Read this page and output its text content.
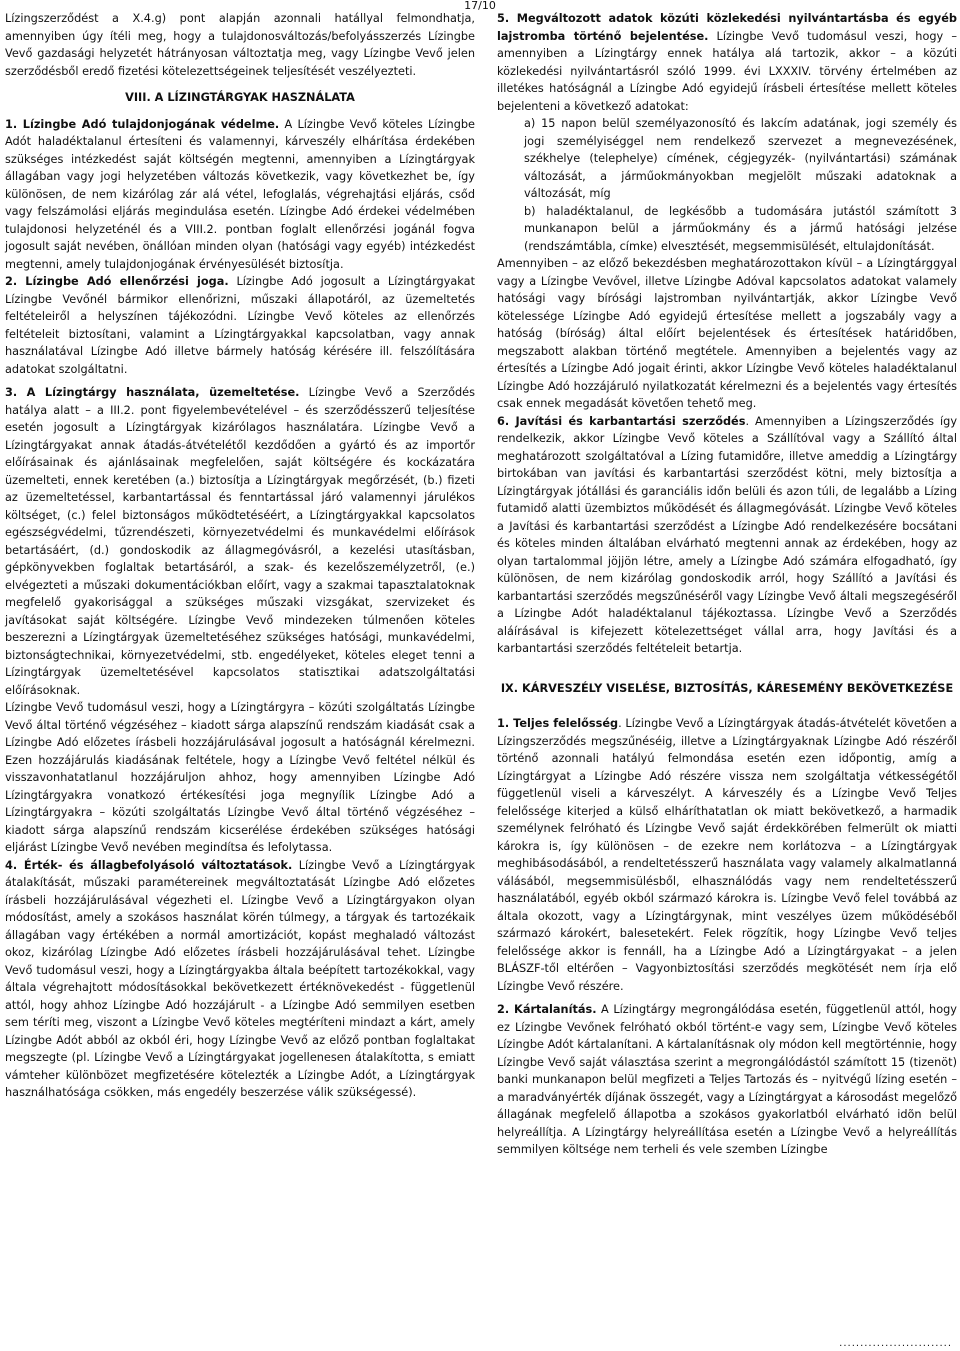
17/10

Lízingszerződést a X.4.g) pont alapján azonnali hatállyal felmondhatja, amennyiben úgy ítéli meg, hogy a tulajdonosváltozás/befolyásszerzés Lízingbe Vevő gazdasági helyzetét hátrányosan változtatja meg, vagy Lízingbe Vevő jelen szerződésből eredő fizetési kötelezettségeinek teljesítését veszélyezteti.

VIII. A LÍZINGTÁRGYAK HASZNÁLATA

1. Lízingbe Adó tulajdonjogának védelme. A Lízingbe Vevő köteles Lízingbe Adót haladéktalanul értesíteni és valamennyi, kárveszély elhárítása érdekében szükséges intézkedést saját költségén megtenni, amennyiben a Lízingtárgyak állagában vagy jogi helyzetében változás következik, vagy következhet be, így különösen, de nem kizárólag zár alá vétel, lefoglalás, végrehajtási eljárás, csőd vagy felszámolási eljárás megindulása esetén. Lízingbe Adó érdekei védelmében tulajdonosi helyzeténél és a VIII.2. pontban foglalt ellenőrzési jogánál fogva jogosult saját nevében, önállóan minden olyan (hatósági vagy egyéb) intézkedést megtenni, amely tulajdonjogának érvényesülését biztosítja.

2. Lízingbe Adó ellenőrzési joga. Lízingbe Adó jogosult a Lízingtárgyakat Lízingbe Vevőnél bármikor ellenőrizni, műszaki állapotáról, az üzemeltetés feltételeiről a helyszínen tájékozódni. Lízingbe Vevő köteles az ellenőrzés feltételeit biztosítani, valamint a Lízingtárgyakkal kapcsolatban, vagy annak használatával Lízingbe Adó illetve bármely hatóság kérésére ill. felszólítására adatokat szolgáltatni.

3. A Lízingtárgy használata, üzemeltetése. Lízingbe Vevő a Szerződés hatálya alatt – a III.2. pont figyelembevételével – és szerződésszerű teljesítése esetén jogosult a Lízingtárgyak kizárólagos használatára. Lízingbe Vevő a Lízingtárgyakat annak átadás-átvételétől kezdődően a gyártó és az importőr előírásainak és ajánlásainak megfelelően, saját költségére és kockázatára üzemelteti, ennek keretében (a.) biztosítja a Lízingtárgyak megőrzését, (b.) fizeti az üzemeltetéssel, karbantartással és fenntartással járó valamennyi járulékos költséget, (c.) felel biztonságos működtetéséért, a Lízingtárgyakkal kapcsolatos egészségvédelmi, tűzrendészeti, környezetvédelmi és munkavédelmi előírások betartásáért, (d.) gondoskodik az állagmegóvásról, a kezelési utasításban, gépkönyvekben foglaltak betartásáról, a szak- és kezelőszemélyzetről, (e.) elvégezteti a műszaki dokumentációkban előírt, vagy a szakmai tapasztalatoknak megfelelő gyakorisággal a szükséges műszaki vizsgákat, szervizeket és javításokat saját költségére. Lízingbe Vevő mindezeken túlmenően köteles beszerezni a Lízingtárgyak üzemeltetéséhez szükséges hatósági, munkavédelmi, biztonságtechnikai, környezetvédelmi, stb. engedélyeket, köteles eleget tenni a Lízingtárgyak üzemeltetésével kapcsolatos statisztikai adatszolgáltatási előírásoknak.

Lízingbe Vevő tudomásul veszi, hogy a Lízingtárgyra – közúti szolgáltatás Lízingbe Vevő által történő végzéséhez – kiadott sárga alapszínű rendszám kiadását csak a Lízingbe Adó előzetes írásbeli hozzájárulásával jogosult a hatóságnál kérelmezni. Ezen hozzájárulás kiadásának feltétele, hogy a Lízingbe Vevő feltétel nélkül és visszavonhatatlanul hozzájáruljon ahhoz, hogy amennyiben Lízingbe Adó Lízingtárgyakra vonatkozó értékesítési joga megnyílik Lízingbe Adó a Lízingtárgyakra – közúti szolgáltatás Lízingbe Vevő által történő végzéséhez – kiadott sárga alapszínű rendszám kicserélése érdekében szükséges hatósági eljárást Lízingbe Vevő nevében megindítsa és lefolytassa.

4. Érték- és állagbefolyásoló változtatások. Lízingbe Vevő a Lízingtárgyak átalakítását, műszaki paramétereinek megváltoztatását Lízingbe Adó előzetes írásbeli hozzájárulásával végezheti el. Lízingbe Vevő a Lízingtárgyakon olyan módosítást, amely a szokásos használat körén túlmegy, a tárgyak és tartozékaik állagában vagy értékében a normál amortizációt, kopást meghaladó változást okoz, kizárólag Lízingbe Adó előzetes írásbeli hozzájárulásával tehet. Lízingbe Vevő tudomásul veszi, hogy a Lízingtárgyakba általa beépített tartozékokkal, vagy általa végrehajtott módosításokkal bekövetkezett értéknövekedést - függetlenül attól, hogy ahhoz Lízingbe Adó hozzájárult - a Lízingbe Adó semmilyen esetben sem téríti meg, viszont a Lízingbe Vevő köteles megtéríteni mindazt a kárt, amely Lízingbe Adót abból az okból éri, hogy Lízingbe Vevő az előző pontban foglaltakat megszegte (pl. Lízingbe Vevő a Lízingtárgyakat jogellenesen átalakította, s emiatt vámteher különbözet megfizetésére kötelezték a Lízingbe Adót, a Lízingtárgyak használhatósága csökken, más engedély beszerzése válik szükségessé).

5. Megváltozott adatok közúti közlekedési nyilvántartásba és egyéb lajstromba történő bejelentése. Lízingbe Vevő tudomásul veszi, hogy – amennyiben a Lízingtárgy ennek hatálya alá tartozik, akkor – a közúti közlekedési nyilvántartásról szóló 1999. évi LXXXIV. törvény értelmében az illetékes hatóságnál a Lízingbe Adó egyidejű írásbeli értesítése mellett köteles bejelenteni a következő adatokat:

a) 15 napon belül személyazonosító és lakcím adatának, jogi személy és jogi személyiséggel nem rendelkező szervezet a megnevezésének, székhelye (telephelye) címének, cégjegyzék- (nyilvántartási) számának változását, a járműokmányokban megjelölt műszaki adatoknak a változását, míg

b) haladéktalanul, de legkésőbb a tudomására jutástól számított 3 munkanapon belül a járműokmány és a jármű hatósági jelzése (rendszámtábla, címke) elvesztését, megsemmisülését, eltulajdonítását.

Amennyiben – az előző bekezdésben meghatározottakon kívül – a Lízingtárggyal vagy a Lízingbe Vevővel, illetve Lízingbe Adóval kapcsolatos adatokat valamely hatósági vagy bírósági lajstromban nyilvántartják, akkor Lízingbe Vevő kötelessége Lízingbe Adó egyidejű értesítése mellett a jogszabály vagy a hatóság (bíróság) által előírt bejelentések és értesítések határidőben, megszabott alakban történő megtétele. Amennyiben a bejelentés vagy az értesítés a Lízingbe Adó jogait érinti, akkor Lízingbe Vevő köteles haladéktalanul Lízingbe Adó hozzájáruló nyilatkozatát kérelmezni és a bejelentés vagy értesítés csak ennek megadását követően tehető meg.

6. Javítási és karbantartási szerződés. Amennyiben a Lízingszerződés így rendelkezik, akkor Lízingbe Vevő köteles a Szállítóval vagy a Szállító által meghatározott szolgáltatóval a Lízing futamidőre, illetve ameddig a Lízingtárgy birtokában van javítási és karbantartási szerződést kötni, mely biztosítja a Lízingtárgyak jótállási és garanciális időn belüli és azon túli, de legalább a Lízing futamidő alatti üzembiztos működését és állagmegóvását. Lízingbe Vevő köteles a Javítási és karbantartási szerződést a Lízingbe Adó rendelkezésére bocsátani és köteles minden általában elvárható megtenni annak az érdekében, hogy az olyan tartalommal jöjjön létre, amely a Lízingbe Adó számára elfogadható, így különösen, de nem kizárólag gondoskodik arról, hogy Szállító a Javítási és karbantartási szerződés megszűnéséről vagy Lízingbe Vevő általi megszegéséről a Lízingbe Adót haladéktalanul tájékoztassa. Lízingbe Vevő a Szerződés aláírásával is kifejezett kötelezettséget vállal arra, hogy Javítási és a karbantartási szerződés feltételeit betartja.

IX. KÁRVESZÉLY VISELÉSE, BIZTOSÍTÁS, KÁRESEMÉNY BEKÖVETKEZÉSE

1. Teljes felelősség. Lízingbe Vevő a Lízingtárgyak átadás-átvételét követően a Lízingszerződés megszűnéséig, illetve a Lízingtárgyaknak Lízingbe Adó részéről történő azonnali hatályú felmondása esetén ezen időpontig, amíg a Lízingtárgyat a Lízingbe Adó részére vissza nem szolgáltatja vétkességétől függetlenül viseli a kárveszélyt. A kárveszély és a Lízingbe Vevő Teljes felelőssége kiterjed a külső elháríthatatlan ok miatt bekövetkező, a harmadik személynek felróható és Lízingbe Vevő saját érdekkörében felmerült ok miatti károkra is, így különösen – de ezekre nem korlátozva – a Lízingtárgyak meghibásodásából, a rendeltetésszerű használata vagy valamely alkalmatlanná válásából, megsemmisülésből, elhasználódás vagy nem rendeltetésszerű használatából, egyéb okból származó károkra is. Lízingbe Vevő felel továbbá az általa okozott, vagy a Lízingtárgynak, mint veszélyes üzem működéséből származó károkért, balesetekért. Felek rögzítik, hogy Lízingbe Vevő teljes felelőssége akkor is fennáll, ha a Lízingbe Adó a Lízingtárgyakat – a jelen BLÁSZF-től eltérően – Vagyonbiztosítási szerződés megkötését nem írja elő Lízingbe Vevő részére.

2. Kártalanítás. A Lízingtárgy megrongálódása esetén, függetlenül attól, hogy ez Lízingbe Vevőnek felróható okból történt-e vagy sem, Lízingbe Vevő köteles Lízingbe Adót kártalanítani. A kártalanításnak oly módon kell megtörténnie, hogy Lízingbe Vevő saját választása szerint a megrongálódástól számított 15 (tizenöt) banki munkanapon belül megfizeti a Teljes Tartozás és – nyitvégű lízing esetén – a maradványérték díjának összegét, vagy a Lízingtárgyat a károsodást megelőző állagának megfelelő állapotba a szokásos gyakorlatból elvárható idõn belül helyreállítja. A Lízingtárgy helyreállítása esetén a Lízingbe Vevő a helyreállítás semmilyen költsége nem terheli és vele szemben Lízingbe

...........................
